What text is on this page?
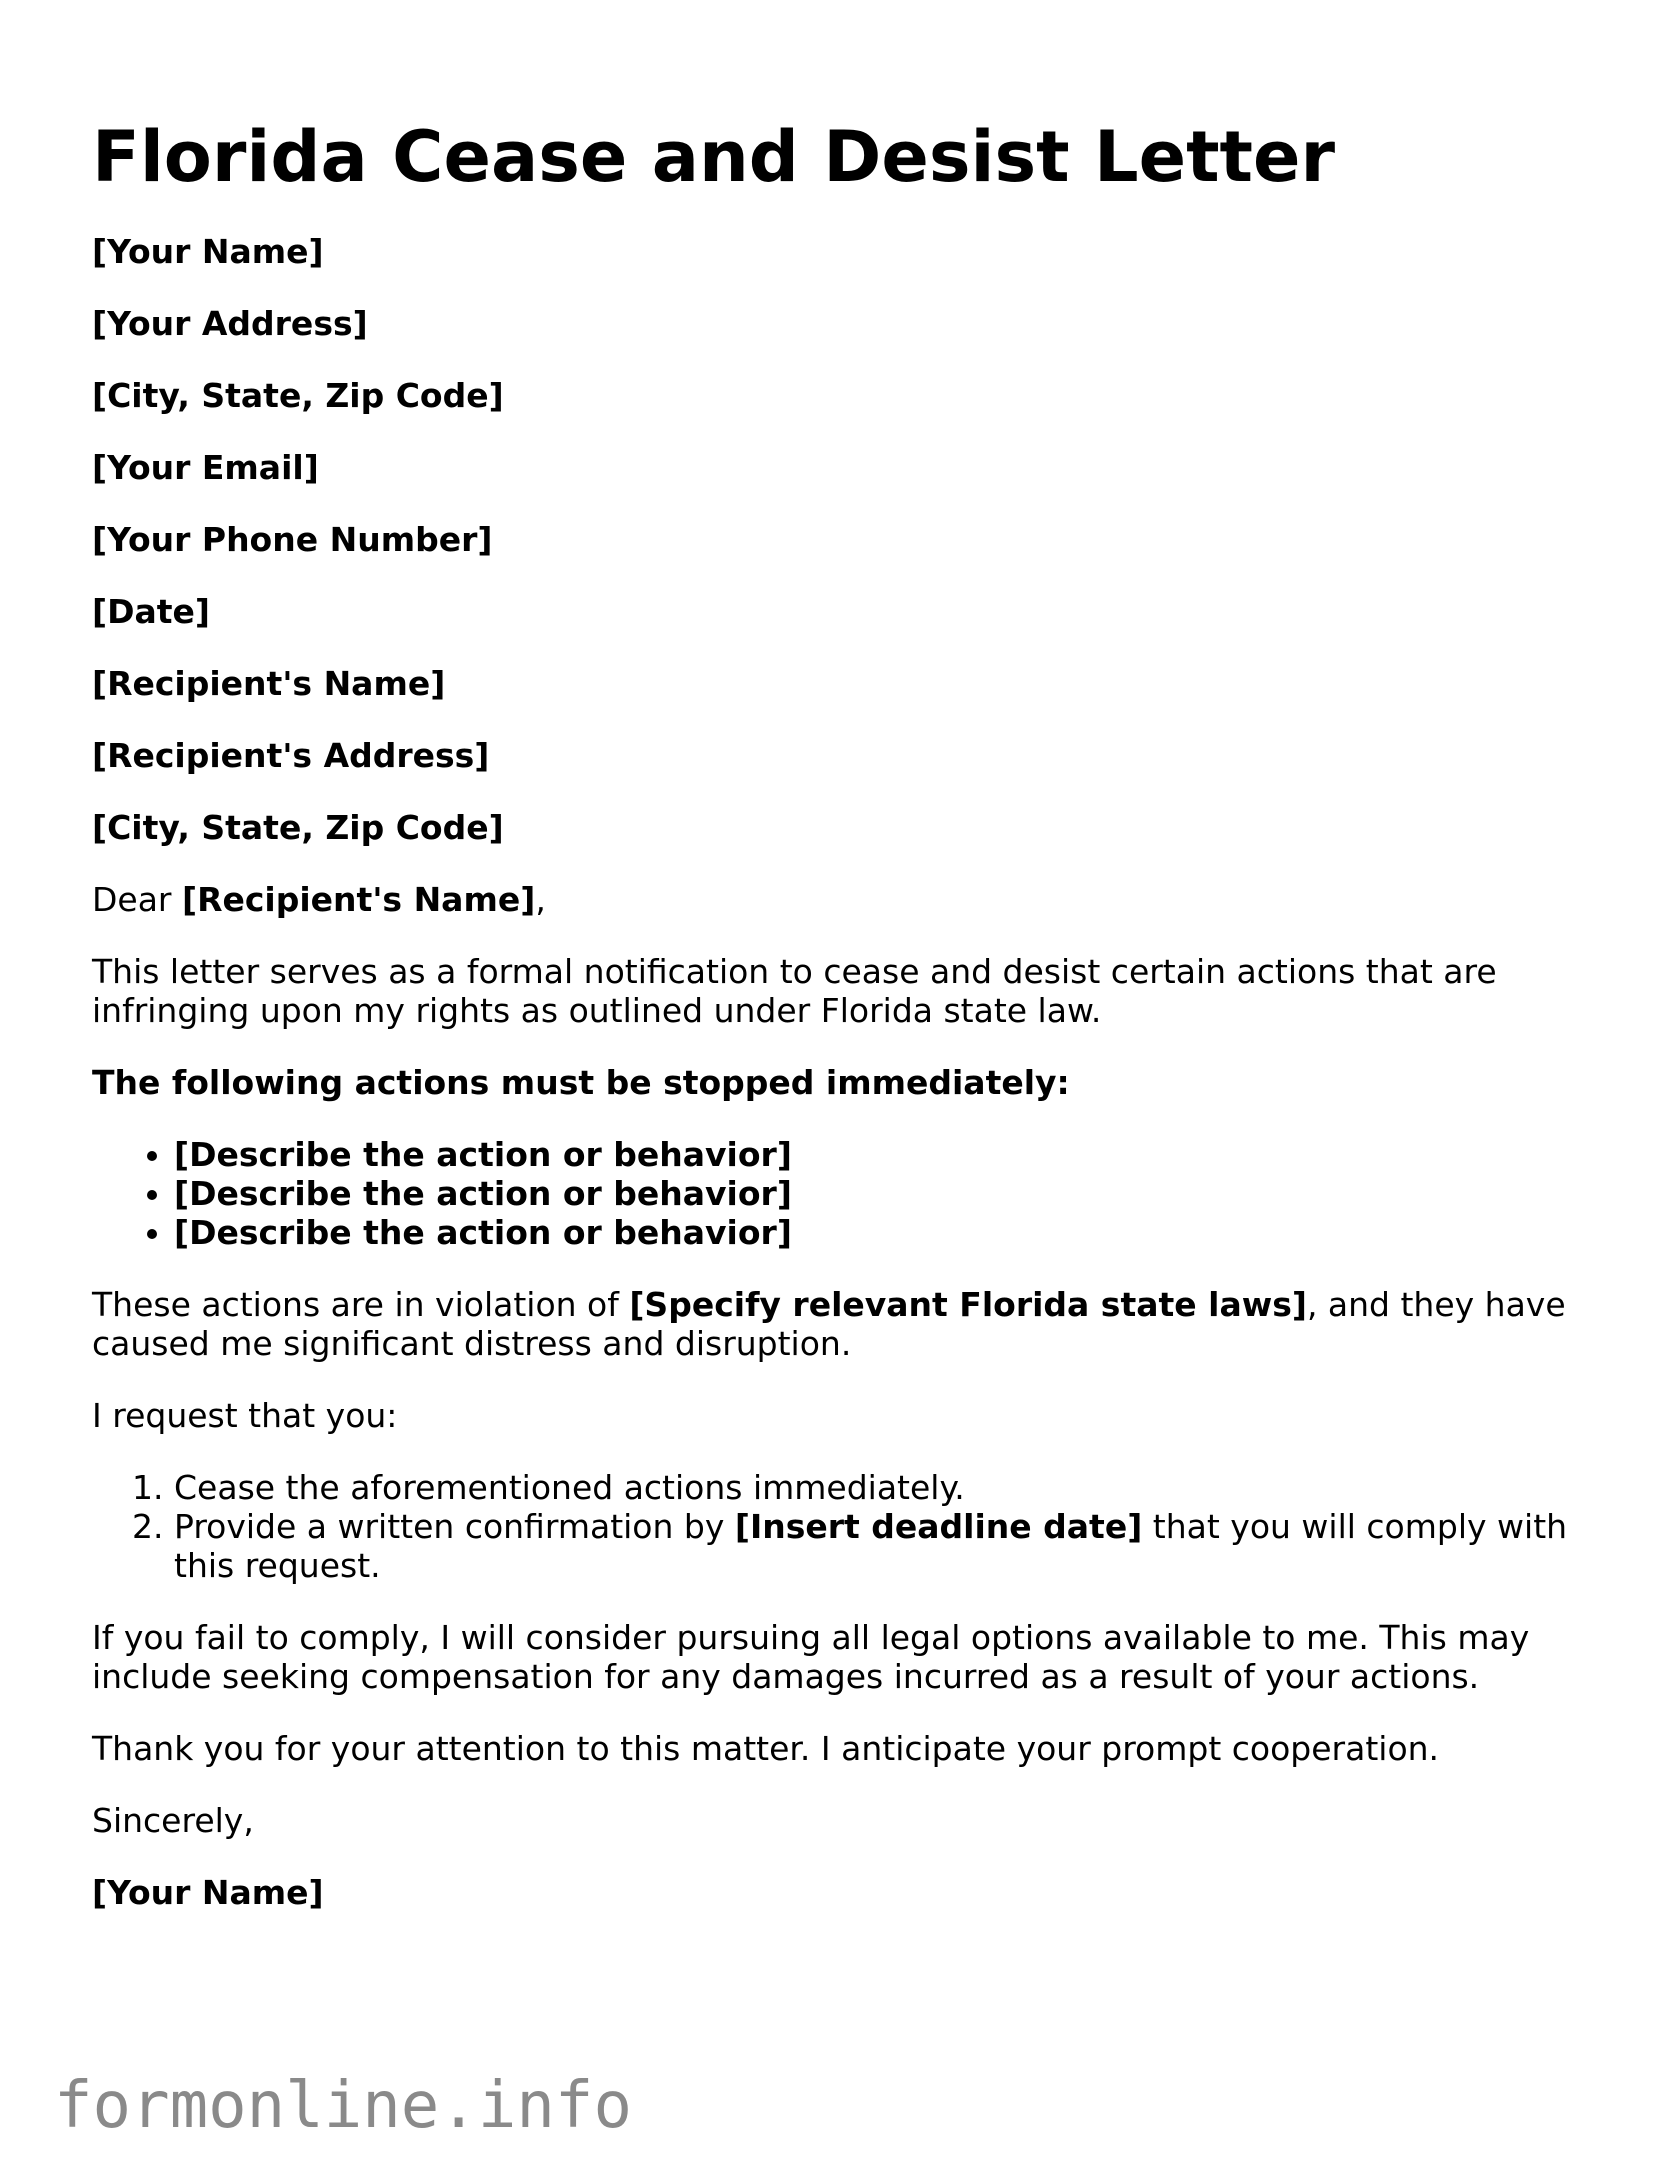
Florida Cease and Desist Letter

[Your Name]

[Your Address]

[City, State, Zip Code]

[Your Email]

[Your Phone Number]

[Date]

[Recipient's Name]

[Recipient's Address]

[City, State, Zip Code]

Dear [Recipient's Name],

This letter serves as a formal notification to cease and desist certain actions that are infringing upon my rights as outlined under Florida state law.

The following actions must be stopped immediately:

• [Describe the action or behavior]
• [Describe the action or behavior]
• [Describe the action or behavior]

These actions are in violation of [Specify relevant Florida state laws], and they have caused me significant distress and disruption.

I request that you:

1. Cease the aforementioned actions immediately.
2. Provide a written confirmation by [Insert deadline date] that you will comply with this request.

If you fail to comply, I will consider pursuing all legal options available to me. This may include seeking compensation for any damages incurred as a result of your actions.

Thank you for your attention to this matter. I anticipate your prompt cooperation.

Sincerely,

[Your Name]

formonline.info
